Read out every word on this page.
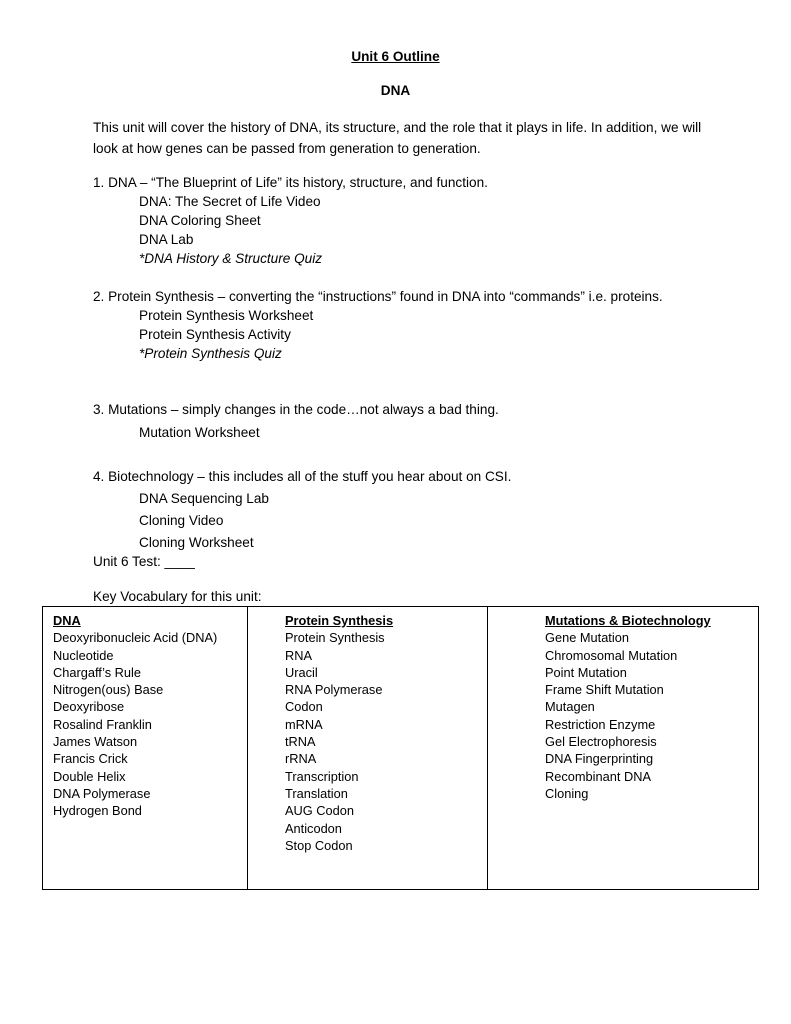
Unit 6 Outline
DNA
This unit will cover the history of DNA, its structure, and the role that it plays in life. In addition, we will look at how genes can be passed from generation to generation.
1. DNA – “The Blueprint of Life” its history, structure, and function.
DNA: The Secret of Life Video
DNA Coloring Sheet
DNA Lab
*DNA History & Structure Quiz
2. Protein Synthesis – converting the “instructions” found in DNA into “commands” i.e. proteins.
Protein Synthesis Worksheet
Protein Synthesis Activity
*Protein Synthesis Quiz
3. Mutations – simply changes in the code…not always a bad thing.
Mutation Worksheet
4. Biotechnology – this includes all of the stuff you hear about on CSI.
DNA Sequencing Lab
Cloning Video
Cloning Worksheet
Unit 6 Test: ____
Key Vocabulary for this unit:
DNA
Deoxyribonucleic Acid (DNA)
Nucleotide
Chargaff’s Rule
Nitrogen(ous) Base
Deoxyribose
Rosalind Franklin
James Watson
Francis Crick
Double Helix
DNA Polymerase
Hydrogen Bond

Protein Synthesis
Protein Synthesis
RNA
Uracil
RNA Polymerase
Codon
mRNA
tRNA
rRNA
Transcription
Translation
AUG Codon
Anticodon
Stop Codon

Mutations & Biotechnology
Gene Mutation
Chromosomal Mutation
Point Mutation
Frame Shift Mutation
Mutagen
Restriction Enzyme
Gel Electrophoresis
DNA Fingerprinting
Recombinant DNA
Cloning
